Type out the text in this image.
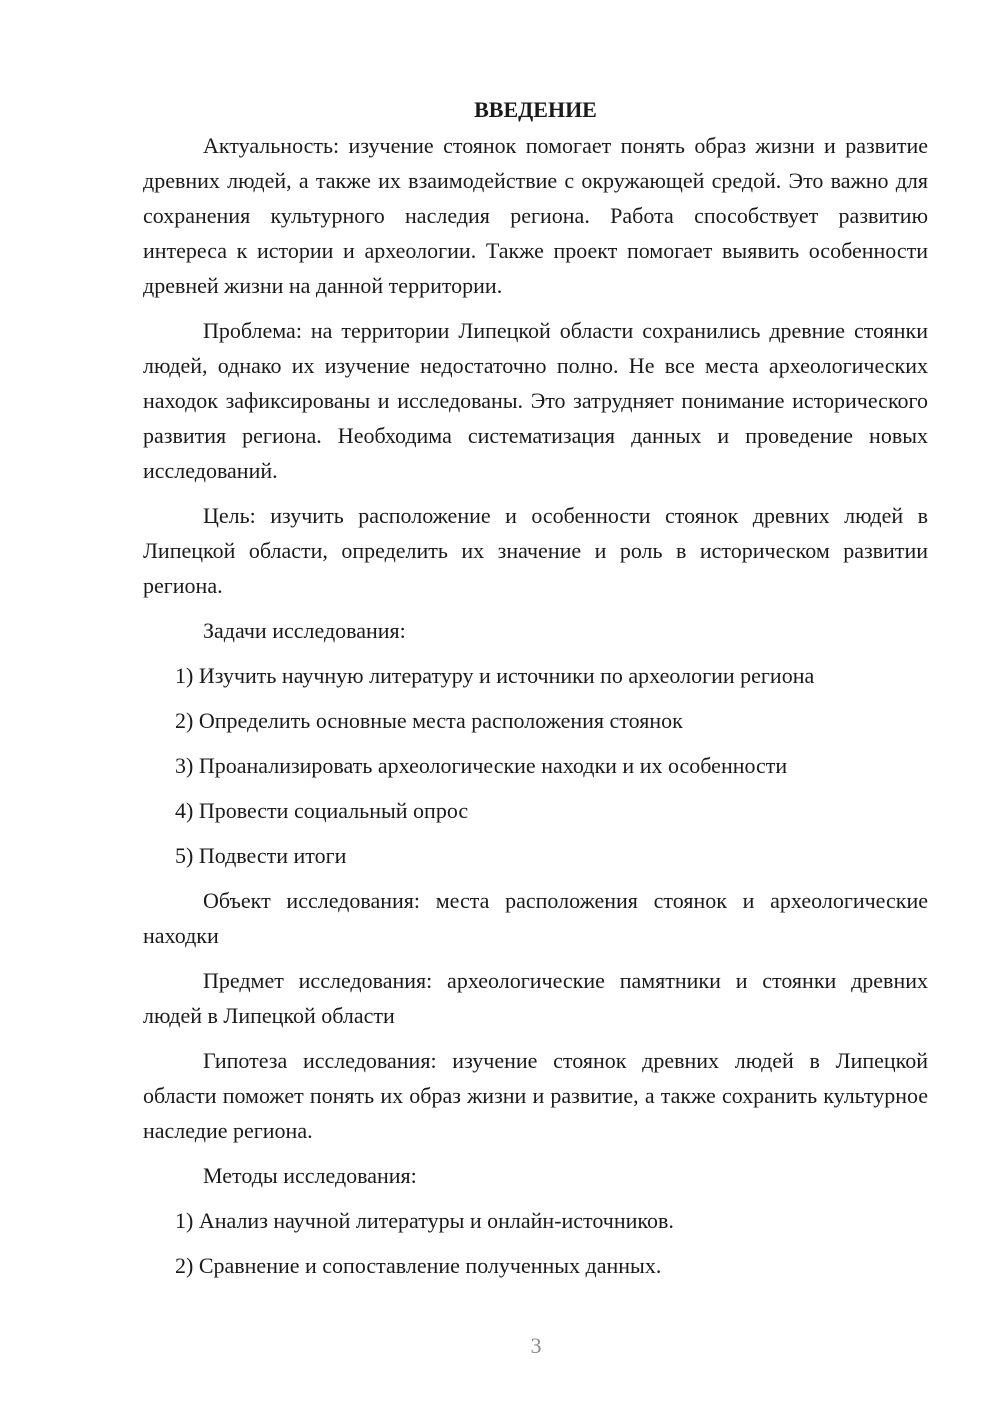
ВВЕДЕНИЕ

Актуальность: изучение стоянок помогает понять образ жизни и развитие древних людей, а также их взаимодействие с окружающей средой. Это важно для сохранения культурного наследия региона. Работа способствует развитию интереса к истории и археологии. Также проект помогает выявить особенности древней жизни на данной территории.

Проблема: на территории Липецкой области сохранились древние стоянки людей, однако их изучение недостаточно полно. Не все места археологических находок зафиксированы и исследованы. Это затрудняет понимание исторического развития региона. Необходима систематизация данных и проведение новых исследований.

Цель: изучить расположение и особенности стоянок древних людей в Липецкой области, определить их значение и роль в историческом развитии региона.

Задачи исследования:

1) Изучить научную литературу и источники по археологии региона
2) Определить основные места расположения стоянок
3) Проанализировать археологические находки и их особенности
4) Провести социальный опрос
5) Подвести итоги

Объект исследования: места расположения стоянок и археологические находки

Предмет исследования: археологические памятники и стоянки древних людей в Липецкой области

Гипотеза исследования: изучение стоянок древних людей в Липецкой области поможет понять их образ жизни и развитие, а также сохранить культурное наследие региона.

Методы исследования:

1) Анализ научной литературы и онлайн-источников.
2) Сравнение и сопоставление полученных данных.
3
